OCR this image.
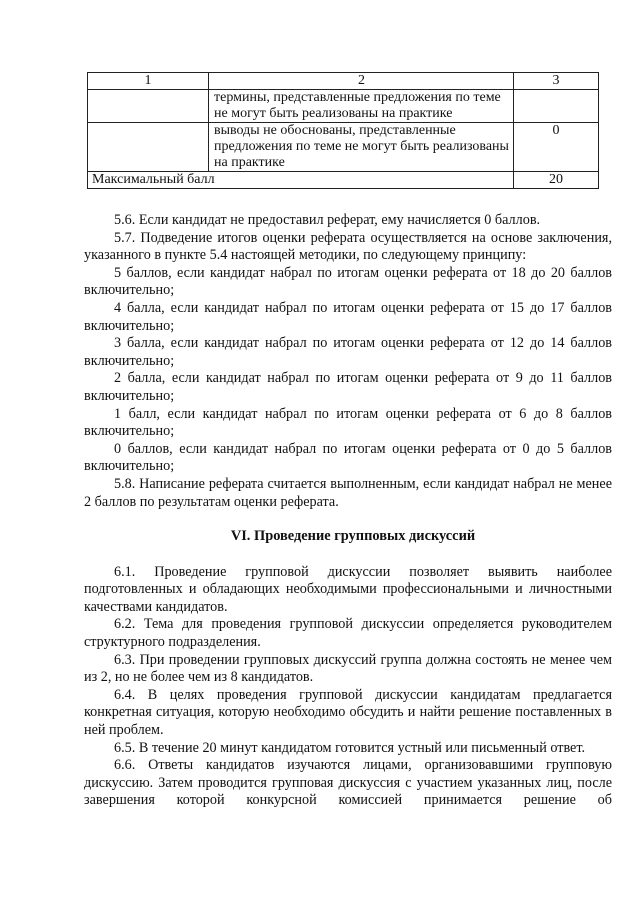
1	2	3
	термины, представленные предложения по теме не могут быть реализованы на практике	
	выводы не обоснованы, представленные предложения по теме не могут быть реализованы на практике	0
Максимальный балл		20

5.6. Если кандидат не предоставил реферат, ему начисляется 0 баллов.

5.7. Подведение итогов оценки реферата осуществляется на основе заключения, указанного в пункте 5.4 настоящей методики, по следующему принципу:

5 баллов, если кандидат набрал по итогам оценки реферата от 18 до 20 баллов включительно;

4 балла, если кандидат набрал по итогам оценки реферата от 15 до 17 баллов включительно;

3 балла, если кандидат набрал по итогам оценки реферата от 12 до 14 баллов включительно;

2 балла, если кандидат набрал по итогам оценки реферата от 9 до 11 баллов включительно;

1 балл, если кандидат набрал по итогам оценки реферата от 6 до 8 баллов включительно;

0 баллов, если кандидат набрал по итогам оценки реферата от 0 до 5 баллов включительно;

5.8. Написание реферата считается выполненным, если кандидат набрал не менее 2 баллов по результатам оценки реферата.

VI. Проведение групповых дискуссий

6.1. Проведение групповой дискуссии позволяет выявить наиболее подготовленных и обладающих необходимыми профессиональными и личностными качествами кандидатов.

6.2. Тема для проведения групповой дискуссии определяется руководителем структурного подразделения.

6.3. При проведении групповых дискуссий группа должна состоять не менее чем из 2, но не более чем из 8 кандидатов.

6.4. В целях проведения групповой дискуссии кандидатам предлагается конкретная ситуация, которую необходимо обсудить и найти решение поставленных в ней проблем.

6.5. В течение 20 минут кандидатом готовится устный или письменный ответ.

6.6. Ответы кандидатов изучаются лицами, организовавшими групповую дискуссию. Затем проводится групповая дискуссия с участием указанных лиц, после завершения которой конкурсной комиссией принимается решение об
